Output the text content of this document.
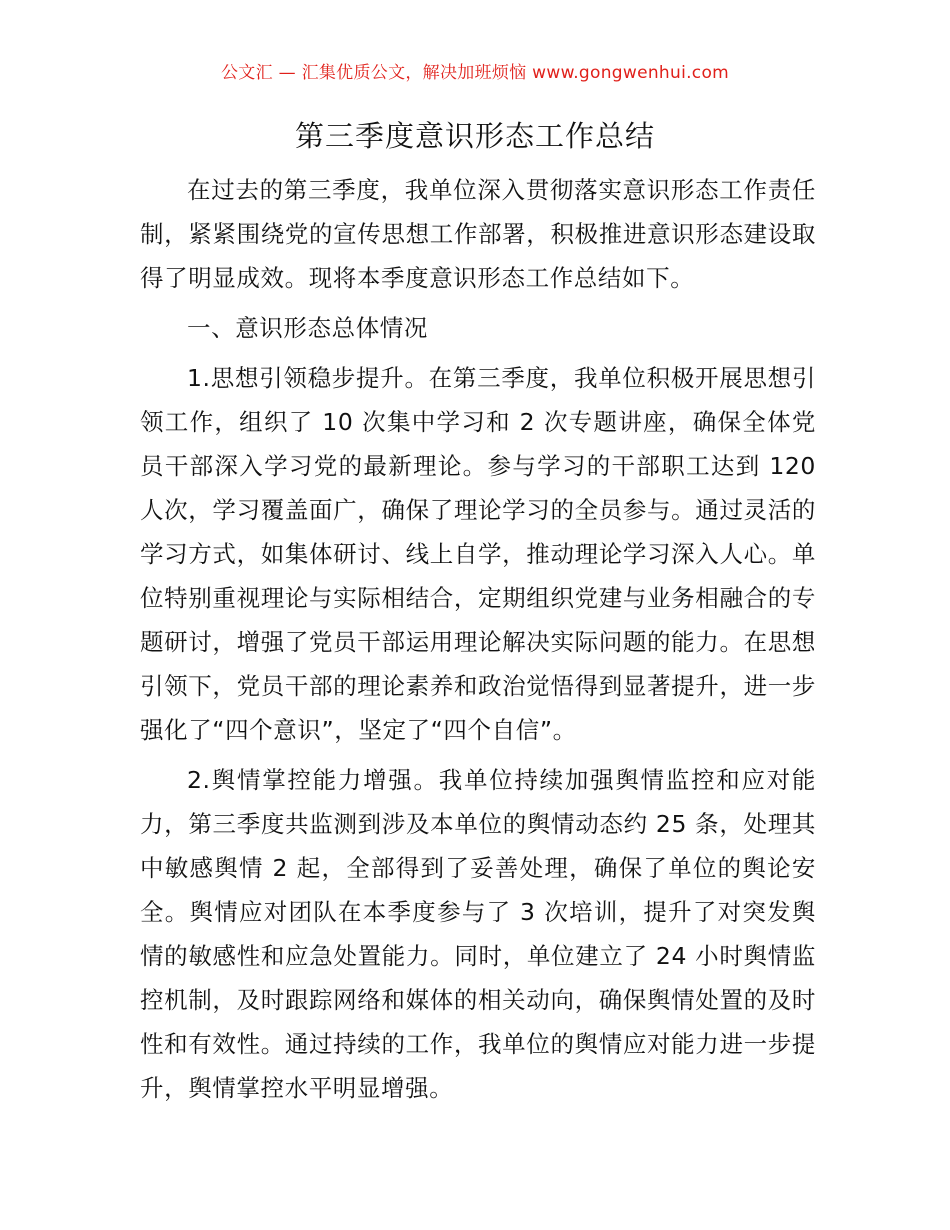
公文汇 — 汇集优质公文，解决加班烦恼 www.gongwenhui.com
第三季度意识形态工作总结

在过去的第三季度，我单位深入贯彻落实意识形态工作责任制，紧紧围绕党的宣传思想工作部署，积极推进意识形态建设取得了明显成效。现将本季度意识形态工作总结如下。

一、意识形态总体情况

1.思想引领稳步提升。在第三季度，我单位积极开展思想引领工作，组织了 10 次集中学习和 2 次专题讲座，确保全体党员干部深入学习党的最新理论。参与学习的干部职工达到 120 人次，学习覆盖面广，确保了理论学习的全员参与。通过灵活的学习方式，如集体研讨、线上自学，推动理论学习深入人心。单位特别重视理论与实际相结合，定期组织党建与业务相融合的专题研讨，增强了党员干部运用理论解决实际问题的能力。在思想引领下，党员干部的理论素养和政治觉悟得到显著提升，进一步强化了“四个意识”，坚定了“四个自信”。

2.舆情掌控能力增强。我单位持续加强舆情监控和应对能力，第三季度共监测到涉及本单位的舆情动态约 25 条，处理其中敏感舆情 2 起，全部得到了妥善处理，确保了单位的舆论安全。舆情应对团队在本季度参与了 3 次培训，提升了对突发舆情的敏感性和应急处置能力。同时，单位建立了 24 小时舆情监控机制，及时跟踪网络和媒体的相关动向，确保舆情处置的及时性和有效性。通过持续的工作，我单位的舆情应对能力进一步提升，舆情掌控水平明显增强。
